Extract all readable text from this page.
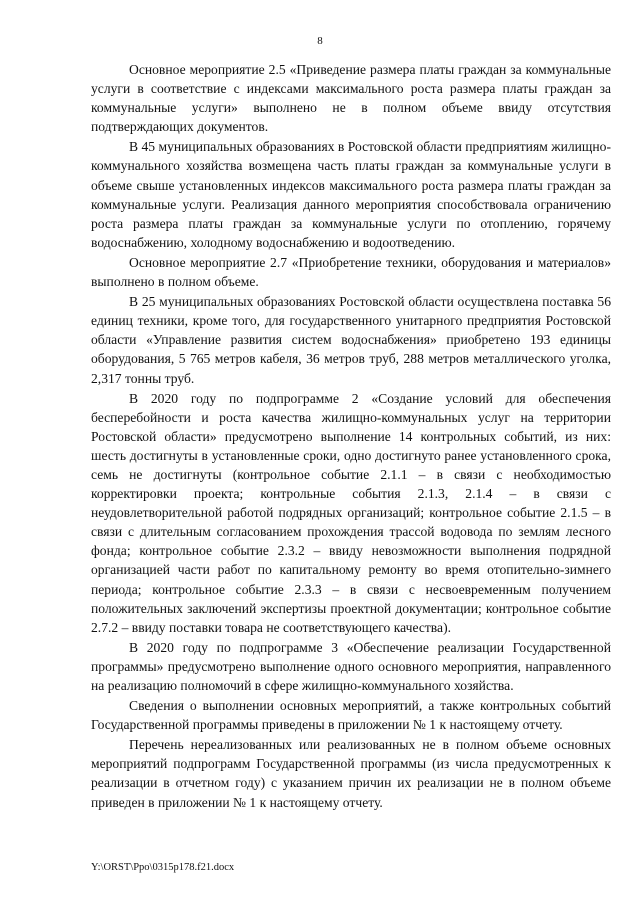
8

Основное мероприятие 2.5 «Приведение размера платы граждан за коммунальные услуги в соответствие с индексами максимального роста размера платы граждан за коммунальные услуги» выполнено не в полном объеме ввиду отсутствия подтверждающих документов.

В 45 муниципальных образованиях в Ростовской области предприятиям жилищно-коммунального хозяйства возмещена часть платы граждан за коммунальные услуги в объеме свыше установленных индексов максимального роста размера платы граждан за коммунальные услуги. Реализация данного мероприятия способствовала ограничению роста размера платы граждан за коммунальные услуги по отоплению, горячему водоснабжению, холодному водоснабжению и водоотведению.

Основное мероприятие 2.7 «Приобретение техники, оборудования и материалов» выполнено в полном объеме.

В 25 муниципальных образованиях Ростовской области осуществлена поставка 56 единиц техники, кроме того, для государственного унитарного предприятия Ростовской области «Управление развития систем водоснабжения» приобретено 193 единицы оборудования, 5 765 метров кабеля, 36 метров труб, 288 метров металлического уголка, 2,317 тонны труб.

В 2020 году по подпрограмме 2 «Создание условий для обеспечения бесперебойности и роста качества жилищно-коммунальных услуг на территории Ростовской области» предусмотрено выполнение 14 контрольных событий, из них: шесть достигнуты в установленные сроки, одно достигнуто ранее установленного срока, семь не достигнуты (контрольное событие 2.1.1 – в связи с необходимостью корректировки проекта; контрольные события 2.1.3, 2.1.4 – в связи с неудовлетворительной работой подрядных организаций; контрольное событие 2.1.5 – в связи с длительным согласованием прохождения трассой водовода по землям лесного фонда; контрольное событие 2.3.2 – ввиду невозможности выполнения подрядной организацией части работ по капитальному ремонту во время отопительно-зимнего периода; контрольное событие 2.3.3 – в связи с несвоевременным получением положительных заключений экспертизы проектной документации; контрольное событие 2.7.2 – ввиду поставки товара не соответствующего качества).

В 2020 году по подпрограмме 3 «Обеспечение реализации Государственной программы» предусмотрено выполнение одного основного мероприятия, направленного на реализацию полномочий в сфере жилищно-коммунального хозяйства.

Сведения о выполнении основных мероприятий, а также контрольных событий Государственной программы приведены в приложении № 1 к настоящему отчету.

Перечень нереализованных или реализованных не в полном объеме основных мероприятий подпрограмм Государственной программы (из числа предусмотренных к реализации в отчетном году) с указанием причин их реализации не в полном объеме приведен в приложении № 1 к настоящему отчету.

Y:\ORST\Ppo\0315p178.f21.docx
